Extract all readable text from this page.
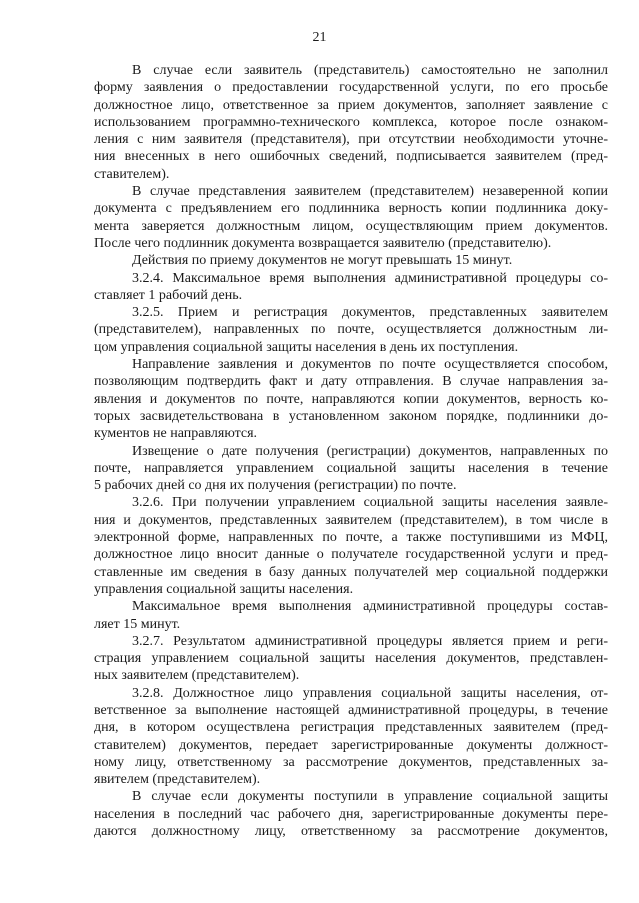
21
В случае если заявитель (представитель) самостоятельно не заполнил
форму заявления о предоставлении государственной услуги, по его просьбе
должностное лицо, ответственное за прием документов, заполняет заявление с
использованием программно-технического комплекса, которое после ознаком-
ления с ним заявителя (представителя), при отсутствии необходимости уточне-
ния внесенных в него ошибочных сведений, подписывается заявителем (пред-
ставителем).
В случае представления заявителем (представителем) незаверенной копии
документа с предъявлением его подлинника верность копии подлинника доку-
мента заверяется должностным лицом, осуществляющим прием документов.
После чего подлинник документа возвращается заявителю (представителю).
Действия по приему документов не могут превышать 15 минут.
3.2.4. Максимальное время выполнения административной процедуры со-
ставляет 1 рабочий день.
3.2.5. Прием и регистрация документов, представленных заявителем
(представителем), направленных по почте, осуществляется должностным ли-
цом управления социальной защиты населения в день их поступления.
Направление заявления и документов по почте осуществляется способом,
позволяющим подтвердить факт и дату отправления. В случае направления за-
явления и документов по почте, направляются копии документов, верность ко-
торых засвидетельствована в установленном законом порядке, подлинники до-
кументов не направляются.
Извещение о дате получения (регистрации) документов, направленных по
почте, направляется управлением социальной защиты населения в течение
5 рабочих дней со дня их получения (регистрации) по почте.
3.2.6. При получении управлением социальной защиты населения заявле-
ния и документов, представленных заявителем (представителем), в том числе в
электронной форме, направленных по почте, а также поступившими из МФЦ,
должностное лицо вносит данные о получателе государственной услуги и пред-
ставленные им сведения в базу данных получателей мер социальной поддержки
управления социальной защиты населения.
Максимальное время выполнения административной процедуры состав-
ляет 15 минут.
3.2.7. Результатом административной процедуры является прием и реги-
страция управлением социальной защиты населения документов, представлен-
ных заявителем (представителем).
3.2.8. Должностное лицо управления социальной защиты населения, от-
ветственное за выполнение настоящей административной процедуры, в течение
дня, в котором осуществлена регистрация представленных заявителем (пред-
ставителем) документов, передает зарегистрированные документы должност-
ному лицу, ответственному за рассмотрение документов, представленных за-
явителем (представителем).
В случае если документы поступили в управление социальной защиты
населения в последний час рабочего дня, зарегистрированные документы пере-
даются должностному лицу, ответственному за рассмотрение документов,
